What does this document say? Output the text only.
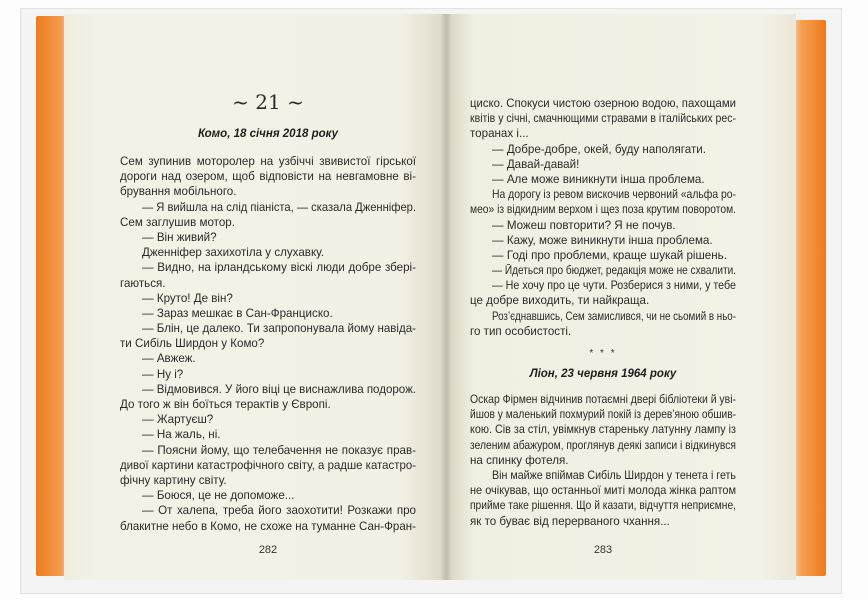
~ 21 ~
Комо, 18 січня 2018 року
Сем зупинив моторолер на узбіччі звивистої гірської
дороги над озером, щоб відповісти на невгамовне ві-
брування мобільного.
— Я вийшла на слід піаніста, — сказала Дженніфер.
Сем заглушив мотор.
— Він живий?
Дженніфер захихотіла у слухавку.
— Видно, на ірландському віскі люди добре збері-
гаються.
— Круто! Де він?
— Зараз мешкає в Сан-Франциско.
— Блін, це далеко. Ти запропонувала йому навіда-
ти Сибіль Ширдон у Комо?
— Авжеж.
— Ну і?
— Відмовився. У його віці це виснажлива подорож.
До того ж він боїться терактів у Європі.
— Жартуєш?
— На жаль, ні.
— Поясни йому, що телебачення не показує прав-
дивої картини катастрофічного світу, а радше катастро-
фічну картину світу.
— Боюся, це не допоможе...
— От халепа, треба його заохотити! Розкажи про
блакитне небо в Комо, не схоже на туманне Сан-Фран-
282
циско. Спокуси чистою озерною водою, пахощами
квітів у січні, смачнющими стравами в італійських рес-
торанах і...
— Добре-добре, окей, буду наполягати.
— Давай-давай!
— Але може виникнути інша проблема.
На дорогу із ревом вискочив червоний «альфа ро-
мео» із відкидним верхом і щез поза крутим поворотом.
— Можеш повторити? Я не почув.
— Кажу, може виникнути інша проблема.
— Годі про проблеми, краще шукай рішень.
— Йдеться про бюджет, редакція може не схвалити.
— Не хочу про це чути. Розберися з ними, у тебе
це добре виходить, ти найкраща.
Роз’єднавшись, Сем замислився, чи не сьомий в ньо-
го тип особистості.
* * *
Ліон, 23 червня 1964 року
Оскар Фірмен відчинив потаємні двері бібліотеки й уві-
йшов у маленький похмурий покій із дерев’яною обшив-
кою. Сів за стіл, увімкнув стареньку латунну лампу із
зеленим абажуром, проглянув деякі записи і відкинувся
на спинку фотеля.
Він майже впіймав Сибіль Ширдон у тенета і геть
не очікував, що останньої миті молода жінка раптом
прийме таке рішення. Що й казати, відчуття неприємне,
як то буває від перерваного чхання...
283
